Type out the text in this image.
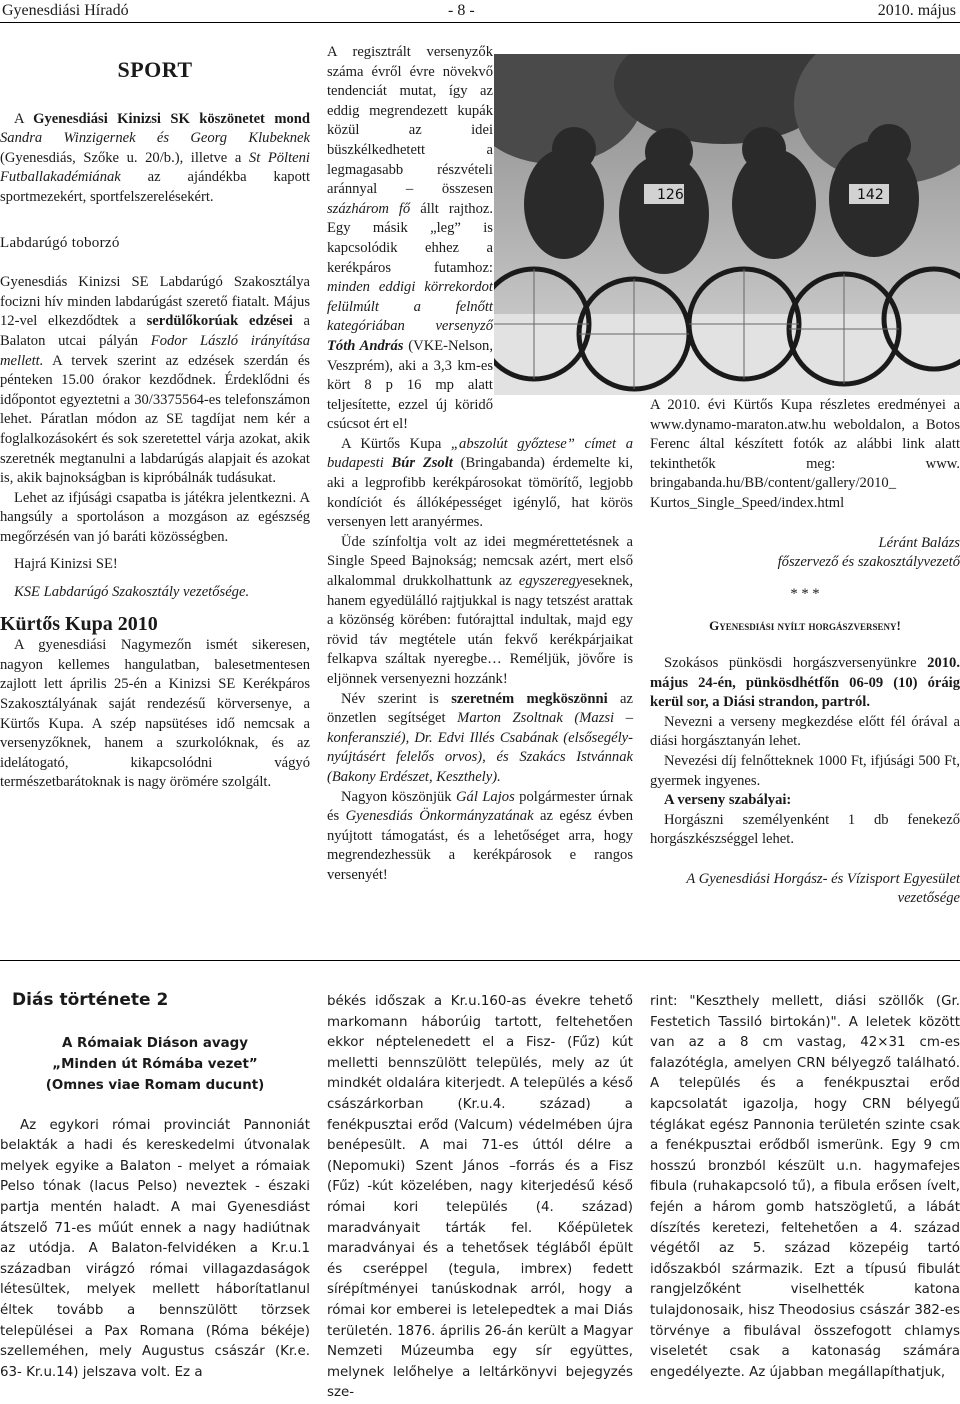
Gyenesdiási Híradó	- 8 -	2010. május
SPORT

A Gyenesdiási Kinizsi SK köszönetet mond Sandra Winzigernek és Georg Klubeknek (Gyenesdiás, Szőke u. 20/b.), illetve a St Pölteni Futballakadémiának az ajándékba kapott sportmezekért, sportfelszerelésekért.

Labdarúgó toborzó

Gyenesdiás Kinizsi SE Labdarúgó Szakosztálya focizni hív minden labdarúgást szerető fiatalt. Május 12-vel elkezdődtek a serdülőkorúak edzései a Balaton utcai pályán Fodor László irányítása mellett. A tervek szerint az edzések szerdán és pénteken 15.00 órakor kezdődnek. Érdeklődni és időpontot egyeztetni a 30/3375564-es telefonszámon lehet. Páratlan módon az SE tagdíjat nem kér a foglalkozásokért és sok szeretettel várja azokat, akik szeretnék megtanulni a labdarúgás alapjait és azokat is, akik bajnokságban is kipróbálnák tudásukat.

Lehet az ifjúsági csapatba is játékra jelentkezni. A hangsúly a sportoláson a mozgáson az egészség megőrzésén van jó baráti közösségben.

Hajrá Kinizsi SE!

KSE Labdarúgó Szakosztály vezetősége.

Kürtős Kupa 2010

A gyenesdiási Nagymezőn ismét sikeresen, nagyon kellemes hangulatban, balesetmentesen zajlott lett április 25-én a Kinizsi SE Kerékpáros Szakosztályának saját rendezésű körversenye, a Kürtős Kupa. A szép napsütéses idő nemcsak a versenyzőknek, hanem a szurkolóknak, és az idelátogató, kikapcsolódni vágyó természetbarátoknak is nagy örömére szolgált.

A regisztrált versenyzők száma évről évre növekvő tendenciát mutat, így az eddig megrendezett kupák közül az idei büszkélkedhetett a legmagasabb részvételi aránnyal – összesen százhárom fő állt rajthoz. Egy másik „leg” is kapcsolódik ehhez a kerékpáros futamhoz: minden eddigi körrekordot felülmúlt a felnőtt kategóriában versenyző Tóth András (VKE-Nelson, Veszprém), aki a 3,3 km-es kört 8 p 16 mp alatt teljesítette, ezzel új köridő csúcsot ért el!

A Kürtős Kupa „abszolút győztese” címet a budapesti Búr Zsolt (Bringabanda) érdemelte ki, aki a legprofibb kerékpárosokat tömörítő, legjobb kondíciót és állóképességet igénylő, hat körös versenyen lett aranyérmes.

Üde színfoltja volt az idei megmérettetésnek a Single Speed Bajnokság; nemcsak azért, mert első alkalommal drukkolhattunk az egyszeregyeseknek, hanem egyedülálló rajtjukkal is nagy tetszést arattak a közönség körében: futórajttal indultak, majd egy rövid táv megtétele után fekvő kerékpárjaikat felkapva száltak nyeregbe… Reméljük, jövőre is eljönnek versenyezni hozzánk!

Név szerint is szeretném megköszönni az önzetlen segítséget Marton Zsoltnak (Mazsi – konferanszié), Dr. Edvi Illés Csabának (elsősegély-nyújtásért felelős orvos), és Szakács Istvánnak (Bakony Erdészet, Keszthely).

Nagyon köszönjük Gál Lajos polgármester úrnak és Gyenesdiás Önkormányzatának az egész évben nyújtott támogatást, és a lehetőséget arra, hogy megrendezhessük a kerékpárosok e rangos versenyét!

126	142

A 2010. évi Kürtős Kupa részletes eredményei a www.dynamo-maraton.atw.hu weboldalon, a Botos Ferenc által készített fotók az alábbi link alatt tekinthetők meg: www. bringabanda.hu/BB/content/gallery/2010_ Kurtos_Single_Speed/index.html

Léránt Balázs

főszervező és szakosztályvezető

* * *

Gyenesdiási nyílt horgászverseny!

Szokásos pünkösdi horgászversenyünkre 2010. május 24-én, pünkösdhétfőn 06-09 (10) óráig kerül sor, a Diási strandon, partról.

Nevezni a verseny megkezdése előtt fél órával a diási horgásztanyán lehet.

Nevezési díj felnőtteknek 1000 Ft, ifjúsági 500 Ft, gyermek ingyenes.

A verseny szabályai:

Horgászni személyenként 1 db fenekező horgászkészséggel lehet.

A Gyenesdiási Horgász- és Vízisport Egyesület vezetősége

Diás története 2
A Rómaiak Diáson avagy
„Minden út Rómába vezet”
(Omnes viae Romam ducunt)

Az egykori római provinciát Pannoniát belakták a hadi és kereskedelmi útvonalak melyek egyike a Balaton - melyet a rómaiak Pelso tónak (lacus Pelso) neveztek - északi partja mentén haladt. A mai Gyenesdiást átszelő 71-es műút ennek a nagy hadiútnak az utódja. A Balaton-felvidéken a Kr.u.1 században virágzó római villagazdaságok létesültek, melyek mellett háborítatlanul éltek tovább a bennszülött törzsek települései a Pax Romana (Róma békéje) szelleméhen, mely Augustus császár (Kr.e. 63- Kr.u.14) jelszava volt. Ez a

békés időszak a Kr.u.160-as évekre tehető markomann háborúig tartott, feltehetően ekkor néptelenedett el a Fisz- (Fűz) kút melletti bennszülött település, mely az út mindkét oldalára kiterjedt. A település a késő császárkorban (Kr.u.4. század) a fenékpusztai erőd (Valcum) védelmében újra benépesült. A mai 71-es úttól délre a (Nepomuki) Szent János –forrás és a Fisz (Fűz) -kút közelében, nagy kiterjedésű késő római kori település (4. század) maradványait tárták fel. Kőépületek maradványai és a tehetősek tégláből épült és cseréppel (tegula, imbrex) fedett sírépítményei tanúskodnak arról, hogy a római kor emberei is letelepedtek a mai Diás területén. 1876. április 26-án került a Magyar Nemzeti Múzeumba egy sír együttes, melynek lelőhelye a leltárkönyvi bejegyzés sze-

rint: "Keszthely mellett, diási szöllők (Gr. Festetich Tassiló birtokán)". A leletek között van az a 8 cm vastag, 42×31 cm-es falazótégla, amelyen CRN bélyegző található. A település és a fenékpusztai erőd kapcsolatát igazolja, hogy CRN bélyegű téglákat egész Pannonia területén szinte csak a fenékpusztai erődből ismerünk. Egy 9 cm hosszú bronzból készült u.n. hagymafejes fibula (ruhakapcsoló tű), a fibula erősen ívelt, fején a három gomb hatszögletű, a lábát díszítés keretezi, feltehetően a 4. század végétől az 5. század közepéig tartó időszakból származik. Ezt a típusú fibulát rangjelzőként viselhették katona tulajdonosaik, hisz Theodosius császár 382-es törvénye a fibulával összefogott chlamys viseletét csak a katonaság számára engedélyezte. Az újabban megállapíthatjuk,
